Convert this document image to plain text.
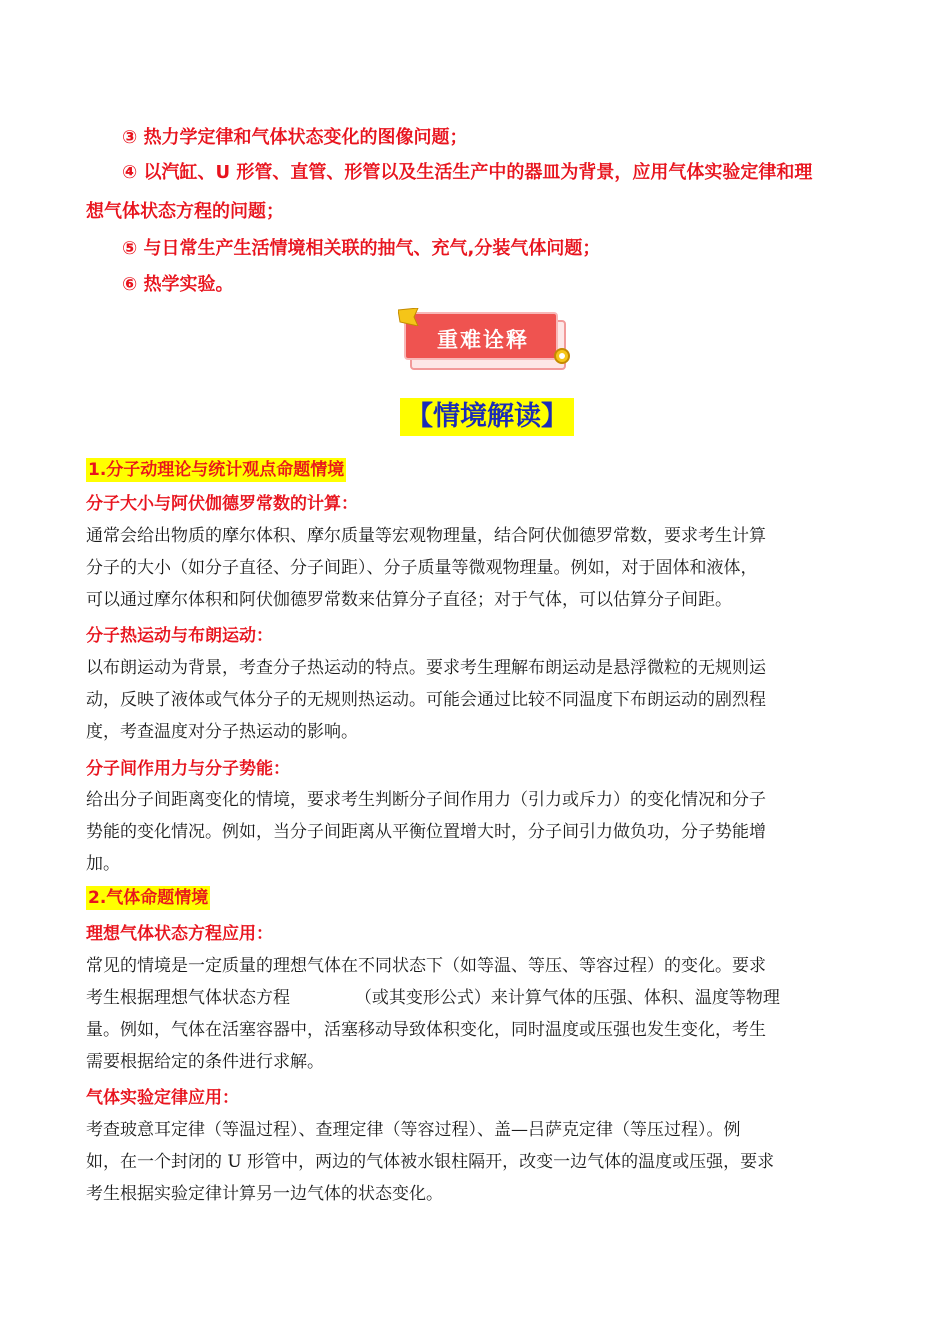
③ 热力学定律和气体状态变化的图像问题；
④ 以汽缸、U 形管、直管、形管以及生活生产中的器皿为背景，应用气体实验定律和理
想气体状态方程的问题；
⑤ 与日常生产生活情境相关联的抽气、充气,分装气体问题；
⑥ 热学实验。
重难诠释
【情境解读】
1.分子动理论与统计观点命题情境
分子大小与阿伏伽德罗常数的计算：
通常会给出物质的摩尔体积、摩尔质量等宏观物理量，结合阿伏伽德罗常数，要求考生计算
分子的大小（如分子直径、分子间距）、分子质量等微观物理量。例如，对于固体和液体，
可以通过摩尔体积和阿伏伽德罗常数来估算分子直径；对于气体，可以估算分子间距。
分子热运动与布朗运动：
以布朗运动为背景，考查分子热运动的特点。要求考生理解布朗运动是悬浮微粒的无规则运
动，反映了液体或气体分子的无规则热运动。可能会通过比较不同温度下布朗运动的剧烈程
度，考查温度对分子热运动的影响。
分子间作用力与分子势能：
给出分子间距离变化的情境，要求考生判断分子间作用力（引力或斥力）的变化情况和分子
势能的变化情况。例如，当分子间距离从平衡位置增大时，分子间引力做负功，分子势能增
加。
2.气体命题情境
理想气体状态方程应用：
常见的情境是一定质量的理想气体在不同状态下（如等温、等压、等容过程）的变化。要求
考生根据理想气体状态方程            （或其变形公式）来计算气体的压强、体积、温度等物理
量。例如，气体在活塞容器中，活塞移动导致体积变化，同时温度或压强也发生变化，考生
需要根据给定的条件进行求解。
气体实验定律应用：
考查玻意耳定律（等温过程）、查理定律（等容过程）、盖—吕萨克定律（等压过程）。例
如，在一个封闭的 U 形管中，两边的气体被水银柱隔开，改变一边气体的温度或压强，要求
考生根据实验定律计算另一边气体的状态变化。
